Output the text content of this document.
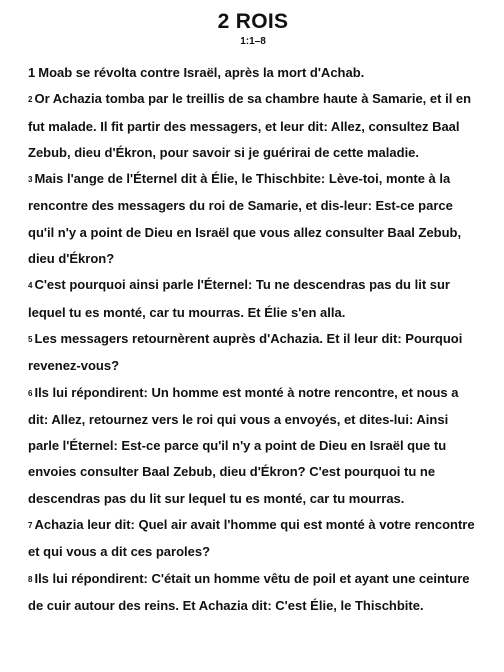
2 ROIS
1:1–8

1 Moab se révolta contre Israël, après la mort d'Achab.

2 Or Achazia tomba par le treillis de sa chambre haute à Samarie, et il en fut malade. Il fit partir des messagers, et leur dit: Allez, consultez Baal Zebub, dieu d'Ékron, pour savoir si je guérirai de cette maladie.

3 Mais l'ange de l'Éternel dit à Élie, le Thischbite: Lève-toi, monte à la rencontre des messagers du roi de Samarie, et dis-leur: Est-ce parce qu'il n'y a point de Dieu en Israël que vous allez consulter Baal Zebub, dieu d'Ékron?

4 C'est pourquoi ainsi parle l'Éternel: Tu ne descendras pas du lit sur lequel tu es monté, car tu mourras. Et Élie s'en alla.

5 Les messagers retournèrent auprès d'Achazia. Et il leur dit: Pourquoi revenez-vous?

6 Ils lui répondirent: Un homme est monté à notre rencontre, et nous a dit: Allez, retournez vers le roi qui vous a envoyés, et dites-lui: Ainsi parle l'Éternel: Est-ce parce qu'il n'y a point de Dieu en Israël que tu envoies consulter Baal Zebub, dieu d'Ékron? C'est pourquoi tu ne descendras pas du lit sur lequel tu es monté, car tu mourras.

7 Achazia leur dit: Quel air avait l'homme qui est monté à votre rencontre et qui vous a dit ces paroles?

8 Ils lui répondirent: C'était un homme vêtu de poil et ayant une ceinture de cuir autour des reins. Et Achazia dit: C'est Élie, le Thischbite.
